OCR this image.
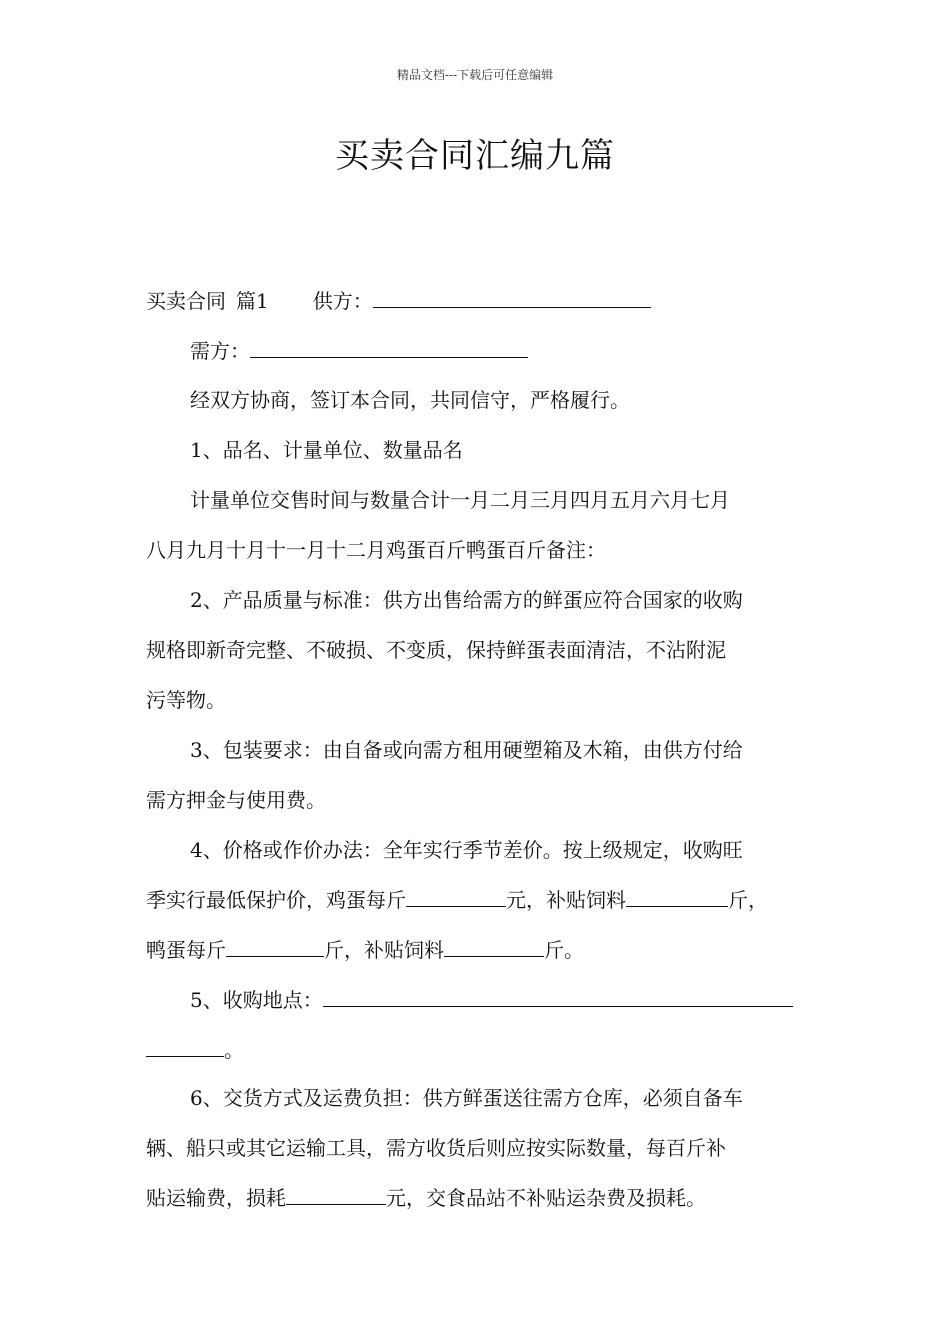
精品文档---下载后可任意编辑
买卖合同汇编九篇
买卖合同 篇1 供方：
需方：
经双方协商，签订本合同，共同信守，严格履行。
1、品名、计量单位、数量品名
计量单位交售时间与数量合计一月二月三月四月五月六月七月
八月九月十月十一月十二月鸡蛋百斤鸭蛋百斤备注：
2、产品质量与标准：供方出售给需方的鲜蛋应符合国家的收购
规格即新奇完整、不破损、不变质，保持鲜蛋表面清洁，不沾附泥
污等物。
3、包装要求：由自备或向需方租用硬塑箱及木箱，由供方付给
需方押金与使用费。
4、价格或作价办法：全年实行季节差价。按上级规定，收购旺
季实行最低保护价，鸡蛋每斤	元，补贴饲料	斤，
鸭蛋每斤	斤，补贴饲料	斤。
5、收购地点：
。
6、交货方式及运费负担：供方鲜蛋送往需方仓库，必须自备车
辆、船只或其它运输工具，需方收货后则应按实际数量，每百斤补
贴运输费，损耗	元，交食品站不补贴运杂费及损耗。
